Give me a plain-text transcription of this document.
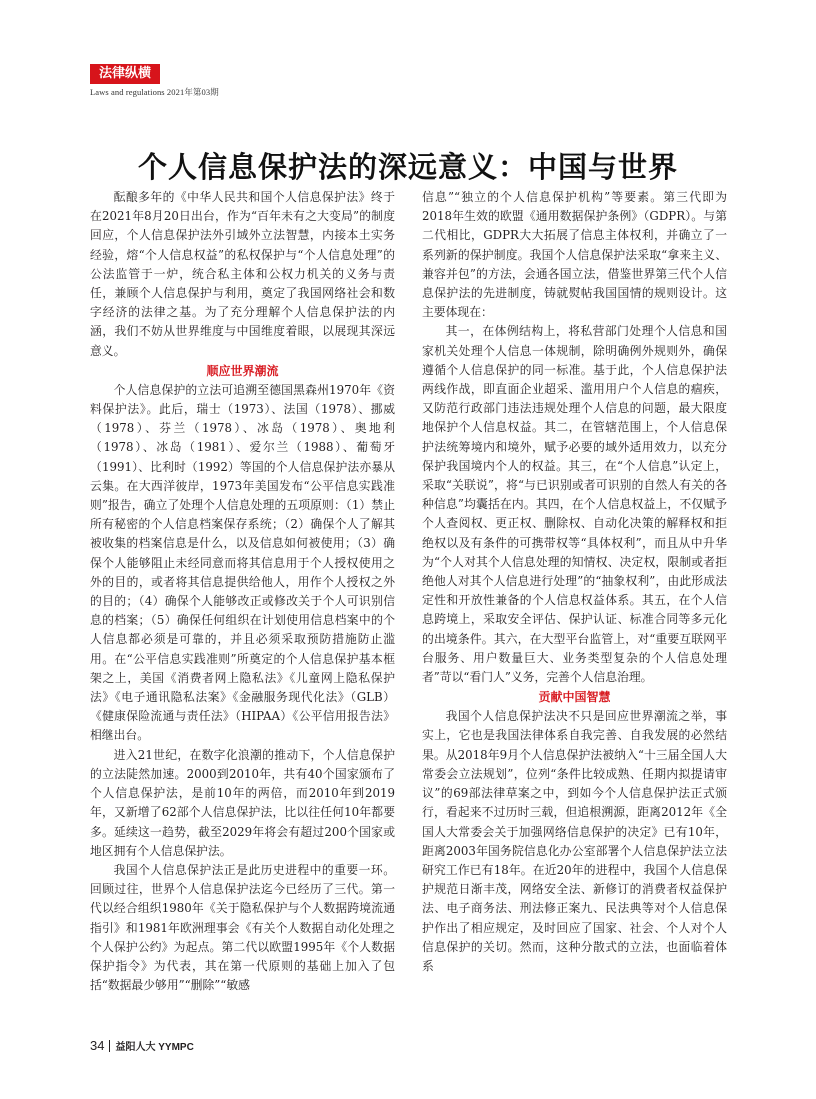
法律纵横
Laws and regulations 2021年第03期
个人信息保护法的深远意义：中国与世界

酝酿多年的《中华人民共和国个人信息保护法》终于在2021年8月20日出台，作为“百年未有之大变局”的制度回应，个人信息保护法外引域外立法智慧，内接本土实务经验，熔“个人信息权益”的私权保护与“个人信息处理”的公法监管于一炉，统合私主体和公权力机关的义务与责任，兼顾个人信息保护与利用，奠定了我国网络社会和数字经济的法律之基。为了充分理解个人信息保护法的内涵，我们不妨从世界维度与中国维度着眼，以展现其深远意义。

顺应世界潮流

个人信息保护的立法可追溯至德国黑森州1970年《资料保护法》。此后，瑞士（1973）、法国（1978）、挪威（1978）、芬兰（1978）、冰岛（1978）、奥地利（1978）、冰岛（1981）、爱尔兰（1988）、葡萄牙（1991）、比利时（1992）等国的个人信息保护法亦暴从云集。在大西洋彼岸，1973年美国发布“公平信息实践准则”报告，确立了处理个人信息处理的五项原则：（1）禁止所有秘密的个人信息档案保存系统；（2）确保个人了解其被收集的档案信息是什么，以及信息如何被使用；（3）确保个人能够阻止未经同意而将其信息用于个人授权使用之外的目的，或者将其信息提供给他人，用作个人授权之外的目的；（4）确保个人能够改正或修改关于个人可识别信息的档案；（5）确保任何组织在计划使用信息档案中的个人信息都必须是可靠的，并且必须采取预防措施防止滥用。在“公平信息实践准则”所奠定的个人信息保护基本框架之上，美国《消费者网上隐私法》《儿童网上隐私保护法》《电子通讯隐私法案》《金融服务现代化法》（GLB）《健康保险流通与责任法》（HIPAA）《公平信用报告法》相继出台。

进入21世纪，在数字化浪潮的推动下，个人信息保护的立法陡然加速。2000到2010年，共有40个国家颁布了个人信息保护法，是前10年的两倍，而2010年到2019年，又新增了62部个人信息保护法，比以往任何10年都要多。延续这一趋势，截至2029年将会有超过200个国家或地区拥有个人信息保护法。

我国个人信息保护法正是此历史进程中的重要一环。回顾过往，世界个人信息保护法迄今已经历了三代。第一代以经合组织1980年《关于隐私保护与个人数据跨境流通指引》和1981年欧洲理事会《有关个人数据自动化处理之个人保护公约》为起点。第二代以欧盟1995年《个人数据保护指令》为代表，其在第一代原则的基础上加入了包括“数据最少够用”“删除”“敏感

信息”“独立的个人信息保护机构”等要素。第三代即为2018年生效的欧盟《通用数据保护条例》（GDPR）。与第二代相比，GDPR大大拓展了信息主体权利，并确立了一系列新的保护制度。我国个人信息保护法采取“拿来主义、兼容并包”的方法，会通各国立法，借鉴世界第三代个人信息保护法的先进制度，铸就熨帖我国国情的规则设计。这主要体现在：

其一，在体例结构上，将私营部门处理个人信息和国家机关处理个人信息一体规制，除明确例外规则外，确保遵循个人信息保护的同一标准。基于此，个人信息保护法两线作战，即直面企业超采、滥用用户个人信息的痼疾，又防范行政部门违法违规处理个人信息的问题，最大限度地保护个人信息权益。其二，在管辖范围上，个人信息保护法统筹境内和境外，赋予必要的域外适用效力，以充分保护我国境内个人的权益。其三，在“个人信息”认定上，采取“关联说”，将“与已识别或者可识别的自然人有关的各种信息”均囊括在内。其四，在个人信息权益上，不仅赋予个人查阅权、更正权、删除权、自动化决策的解释权和拒绝权以及有条件的可携带权等“具体权利”，而且从中升华为“个人对其个人信息处理的知情权、决定权，限制或者拒绝他人对其个人信息进行处理”的“抽象权利”，由此形成法定性和开放性兼备的个人信息权益体系。其五，在个人信息跨境上，采取安全评估、保护认证、标准合同等多元化的出境条件。其六，在大型平台监管上，对“重要互联网平台服务、用户数量巨大、业务类型复杂的个人信息处理者”苛以“看门人”义务，完善个人信息治理。

贡献中国智慧

我国个人信息保护法决不只是回应世界潮流之举，事实上，它也是我国法律体系自我完善、自我发展的必然结果。从2018年9月个人信息保护法被纳入“十三届全国人大常委会立法规划”，位列“条件比较成熟、任期内拟提请审议”的69部法律草案之中，到如今个人信息保护法正式颁行，看起来不过历时三载，但追根溯源，距离2012年《全国人大常委会关于加强网络信息保护的决定》已有10年，距离2003年国务院信息化办公室部署个人信息保护法立法研究工作已有18年。在近20年的进程中，我国个人信息保护规范日渐丰茂，网络安全法、新修订的消费者权益保护法、电子商务法、刑法修正案九、民法典等对个人信息保护作出了相应规定，及时回应了国家、社会、个人对个人信息保护的关切。然而，这种分散式的立法，也面临着体系

34 益阳人大 YYMPC
